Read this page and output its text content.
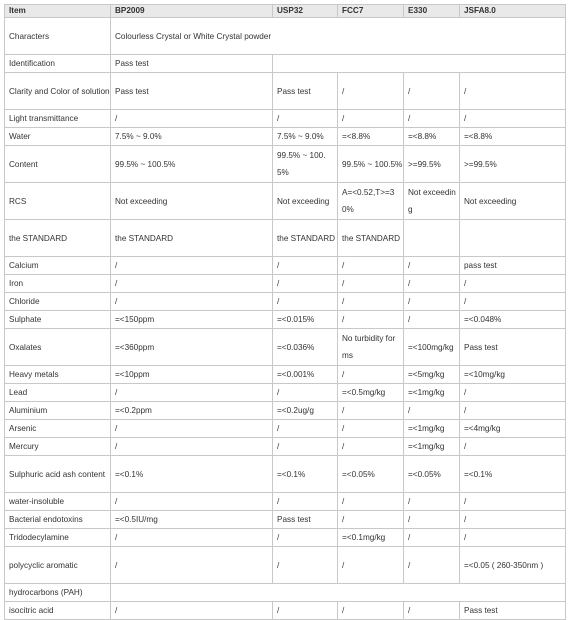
Item	BP2009	USP32	FCC7	E330	JSFA8.0
Characters	Colourless Crystal or White Crystal powder				
Identification	Pass test				
Clarity and Color of solution	Pass test	Pass test	/	/	/
Light transmittance	/	/	/	/	/
Water	7.5% ~ 9.0%	7.5% ~ 9.0%	=<8.8%	=<8.8%	=<8.8%
Content	99.5% ~ 100.5%	99.5% ~ 100.5%	99.5% ~ 100.5%	>=99.5%	>=99.5%
RCS	Not exceeding	Not exceeding	A=<0.52,T>=30%	Not exceeding	Not exceeding
the STANDARD	the STANDARD	the STANDARD	the STANDARD		
Calcium	/	/	/	/	pass test
Iron	/	/	/	/	/
Chloride	/	/	/	/	/
Sulphate	=<150ppm	=<0.015%	/	/	=<0.048%
Oxalates	=<360ppm	=<0.036%	No turbidity for ms	=<100mg/kg	Pass test
Heavy metals	=<10ppm	=<0.001%	/	=<5mg/kg	=<10mg/kg
Lead	/	/	=<0.5mg/kg	=<1mg/kg	/
Aluminium	=<0.2ppm	=<0.2ug/g	/	/	/
Arsenic	/	/	/	=<1mg/kg	=<4mg/kg
Mercury	/	/	/	=<1mg/kg	/
Sulphuric acid ash content	=<0.1%	=<0.1%	=<0.05%	=<0.05%	=<0.1%
water-insoluble	/	/	/	/	/
Bacterial endotoxins	=<0.5IU/mg	Pass test	/	/	/
Tridodecylamine	/	/	=<0.1mg/kg	/	/
polycyclic aromatic	/	/	/	/	=<0.05 ( 260-350nm )
hydrocarbons (PAH)					
isocitric acid	/	/	/	/	Pass test
